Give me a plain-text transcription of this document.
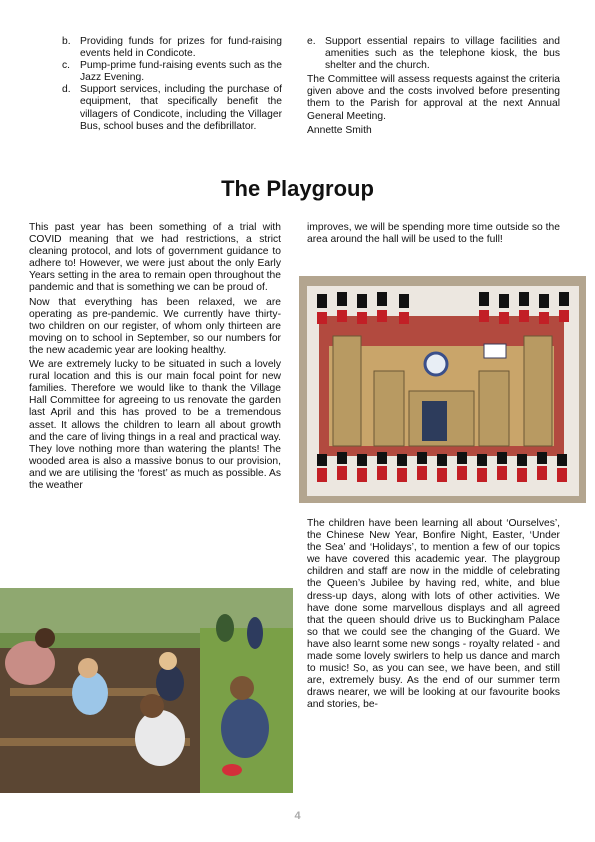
b. Providing funds for prizes for fund-raising events held in Condicote.
c. Pump-prime fund-raising events such as the Jazz Evening.
d. Support services, including the purchase of equipment, that specifically benefit the villagers of Condicote, including the Villager Bus, school buses and the defibrillator.
e. Support essential repairs to village facilities and amenities such as the telephone kiosk, the bus shelter and the church.

The Committee will assess requests against the criteria given above and the costs involved before presenting them to the Parish for approval at the next Annual General Meeting.

Annette Smith

The Playgroup

This past year has been something of a trial with COVID meaning that we had restrictions, a strict cleaning protocol, and lots of government guidance to adhere to! However, we were just about the only Early Years setting in the area to remain open throughout the pandemic and that is something we can be proud of.

Now that everything has been relaxed, we are operating as pre-pandemic. We currently have thirty-two children on our register, of whom only thirteen are moving on to school in September, so our numbers for the new academic year are looking healthy.

We are extremely lucky to be situated in such a lovely rural location and this is our main focal point for new families. Therefore we would like to thank the Village Hall Committee for agreeing to us renovate the garden last April and this has proved to be a tremendous asset. It allows the children to learn all about growth and the care of living things in a real and practical way. They love nothing more than watering the plants! The wooded area is also a massive bonus to our provision, and we are utilising the ‘forest’ as much as possible. As the weather

improves, we will be spending more time outside so the area around the hall will be used to the full!

The children have been learning all about ‘Ourselves’, the Chinese New Year, Bonfire Night, Easter, ‘Under the Sea’ and ‘Holidays’, to mention a few of our topics we have covered this academic year. The playgroup children and staff are now in the middle of celebrating the Queen’s Jubilee by having red, white, and blue dress-up days, along with lots of other activities. We have done some marvellous displays and all agreed that the queen should drive us to Buckingham Palace so that we could see the changing of the Guard. We have also learnt some new songs - royalty related - and made some lovely swirlers to help us dance and march to music! So, as you can see, we have been, and still are, extremely busy. As the end of our summer term draws nearer, we will be looking at our favourite books and stories, be-

4
